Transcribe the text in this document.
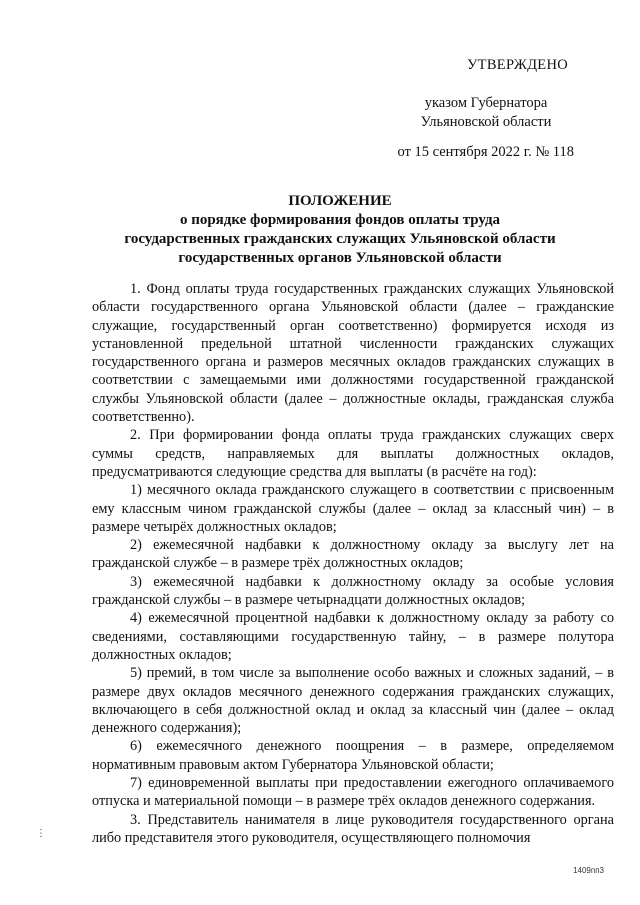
УТВЕРЖДЕНО
указом Губернатора Ульяновской области
от 15 сентября 2022 г. № 118
ПОЛОЖЕНИЕ
о порядке формирования фондов оплаты труда
государственных гражданских служащих Ульяновской области
государственных органов Ульяновской области

1. Фонд оплаты труда государственных гражданских служащих Ульяновской области государственного органа Ульяновской области (далее – гражданские служащие, государственный орган соответственно) формируется исходя из установленной предельной штатной численности гражданских служащих государственного органа и размеров месячных окладов гражданских служащих в соответствии с замещаемыми ими должностями государственной гражданской службы Ульяновской области (далее – должностные оклады, гражданская служба соответственно).

2. При формировании фонда оплаты труда гражданских служащих сверх суммы средств, направляемых для выплаты должностных окладов, предусматриваются следующие средства для выплаты (в расчёте на год):

1) месячного оклада гражданского служащего в соответствии с присвоенным ему классным чином гражданской службы (далее – оклад за классный чин) – в размере четырёх должностных окладов;

2) ежемесячной надбавки к должностному окладу за выслугу лет на гражданской службе – в размере трёх должностных окладов;

3) ежемесячной надбавки к должностному окладу за особые условия гражданской службы – в размере четырнадцати должностных окладов;

4) ежемесячной процентной надбавки к должностному окладу за работу со сведениями, составляющими государственную тайну, – в размере полутора должностных окладов;

5) премий, в том числе за выполнение особо важных и сложных заданий, – в размере двух окладов месячного денежного содержания гражданских служащих, включающего в себя должностной оклад и оклад за классный чин (далее – оклад денежного содержания);

6) ежемесячного денежного поощрения – в размере, определяемом нормативным правовым актом Губернатора Ульяновской области;

7) единовременной выплаты при предоставлении ежегодного оплачиваемого отпуска и материальной помощи – в размере трёх окладов денежного содержания.

3. Представитель нанимателя в лице руководителя государственного органа либо представителя этого руководителя, осуществляющего полномочия

⋮
1409пп3
